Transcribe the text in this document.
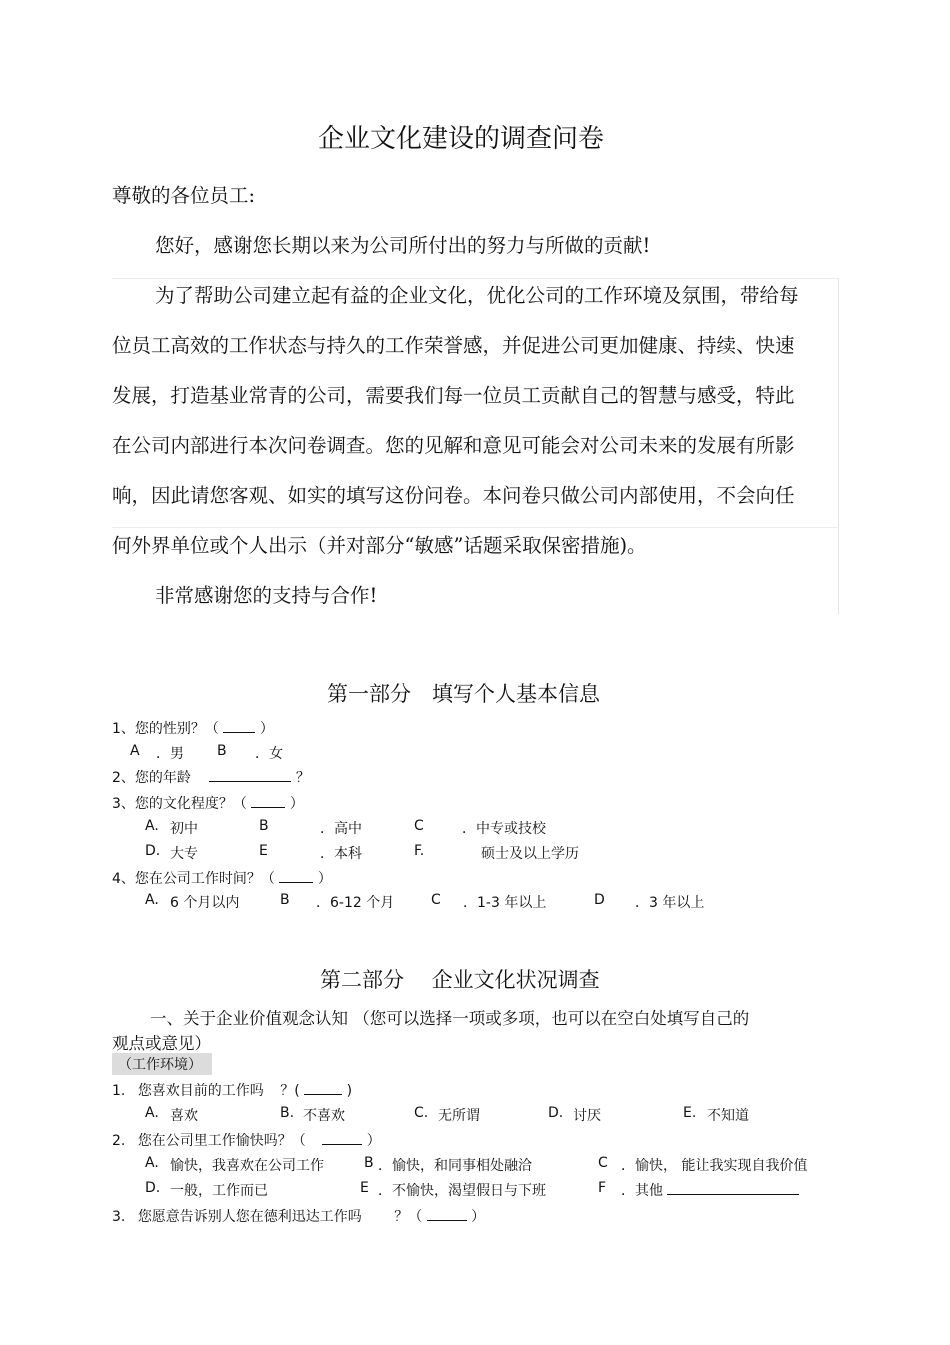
企业文化建设的调查问卷
尊敬的各位员工:
您好，感谢您长期以来为公司所付出的努力与所做的贡献!
为了帮助公司建立起有益的企业文化，优化公司的工作环境及氛围，带给每
位员工高效的工作状态与持久的工作荣誉感，并促进公司更加健康、持续、快速
发展，打造基业常青的公司，需要我们每一位员工贡献自己的智慧与感受，特此
在公司内部进行本次问卷调查。您的见解和意见可能会对公司未来的发展有所影
响，因此请您客观、如实的填写这份问卷。本问卷只做公司内部使用，不会向任
何外界单位或个人出示（并对部分“敏感”话题采取保密措施)。
非常感谢您的支持与合作!
第一部分　填写个人基本信息
1、您的性别？（	）
A ．男 B ．女
2、您的年龄	？
3、您的文化程度？（	）
A. 初中	B	．高中	C	．中专或技校
D. 大专	E	．本科	F.	硕士及以上学历
4、您在公司工作时间？（	）
A. 6 个月以内	B ．6-12 个月	C ．1-3 年以上	D ．3 年以上
第二部分　 企业文化状况调查
一、关于企业价值观念认知 （您可以选择一项或多项，也可以在空白处填写自己的
观点或意见）
（工作环境）
1. 您喜欢目前的工作吗 ？(	)
A. 喜欢	B. 不喜欢	C. 无所谓	D. 讨厌	E. 不知道
2. 您在公司里工作愉快吗？（	）
A. 愉快，我喜欢在公司工作	B ．愉快，和同事相处融洽	C ．愉快， 能让我实现自我价值
D. 一般，工作而已	E ．不愉快，渴望假日与下班	F ．其他
3. 您愿意告诉别人您在德利迅达工作吗 ？（	）
